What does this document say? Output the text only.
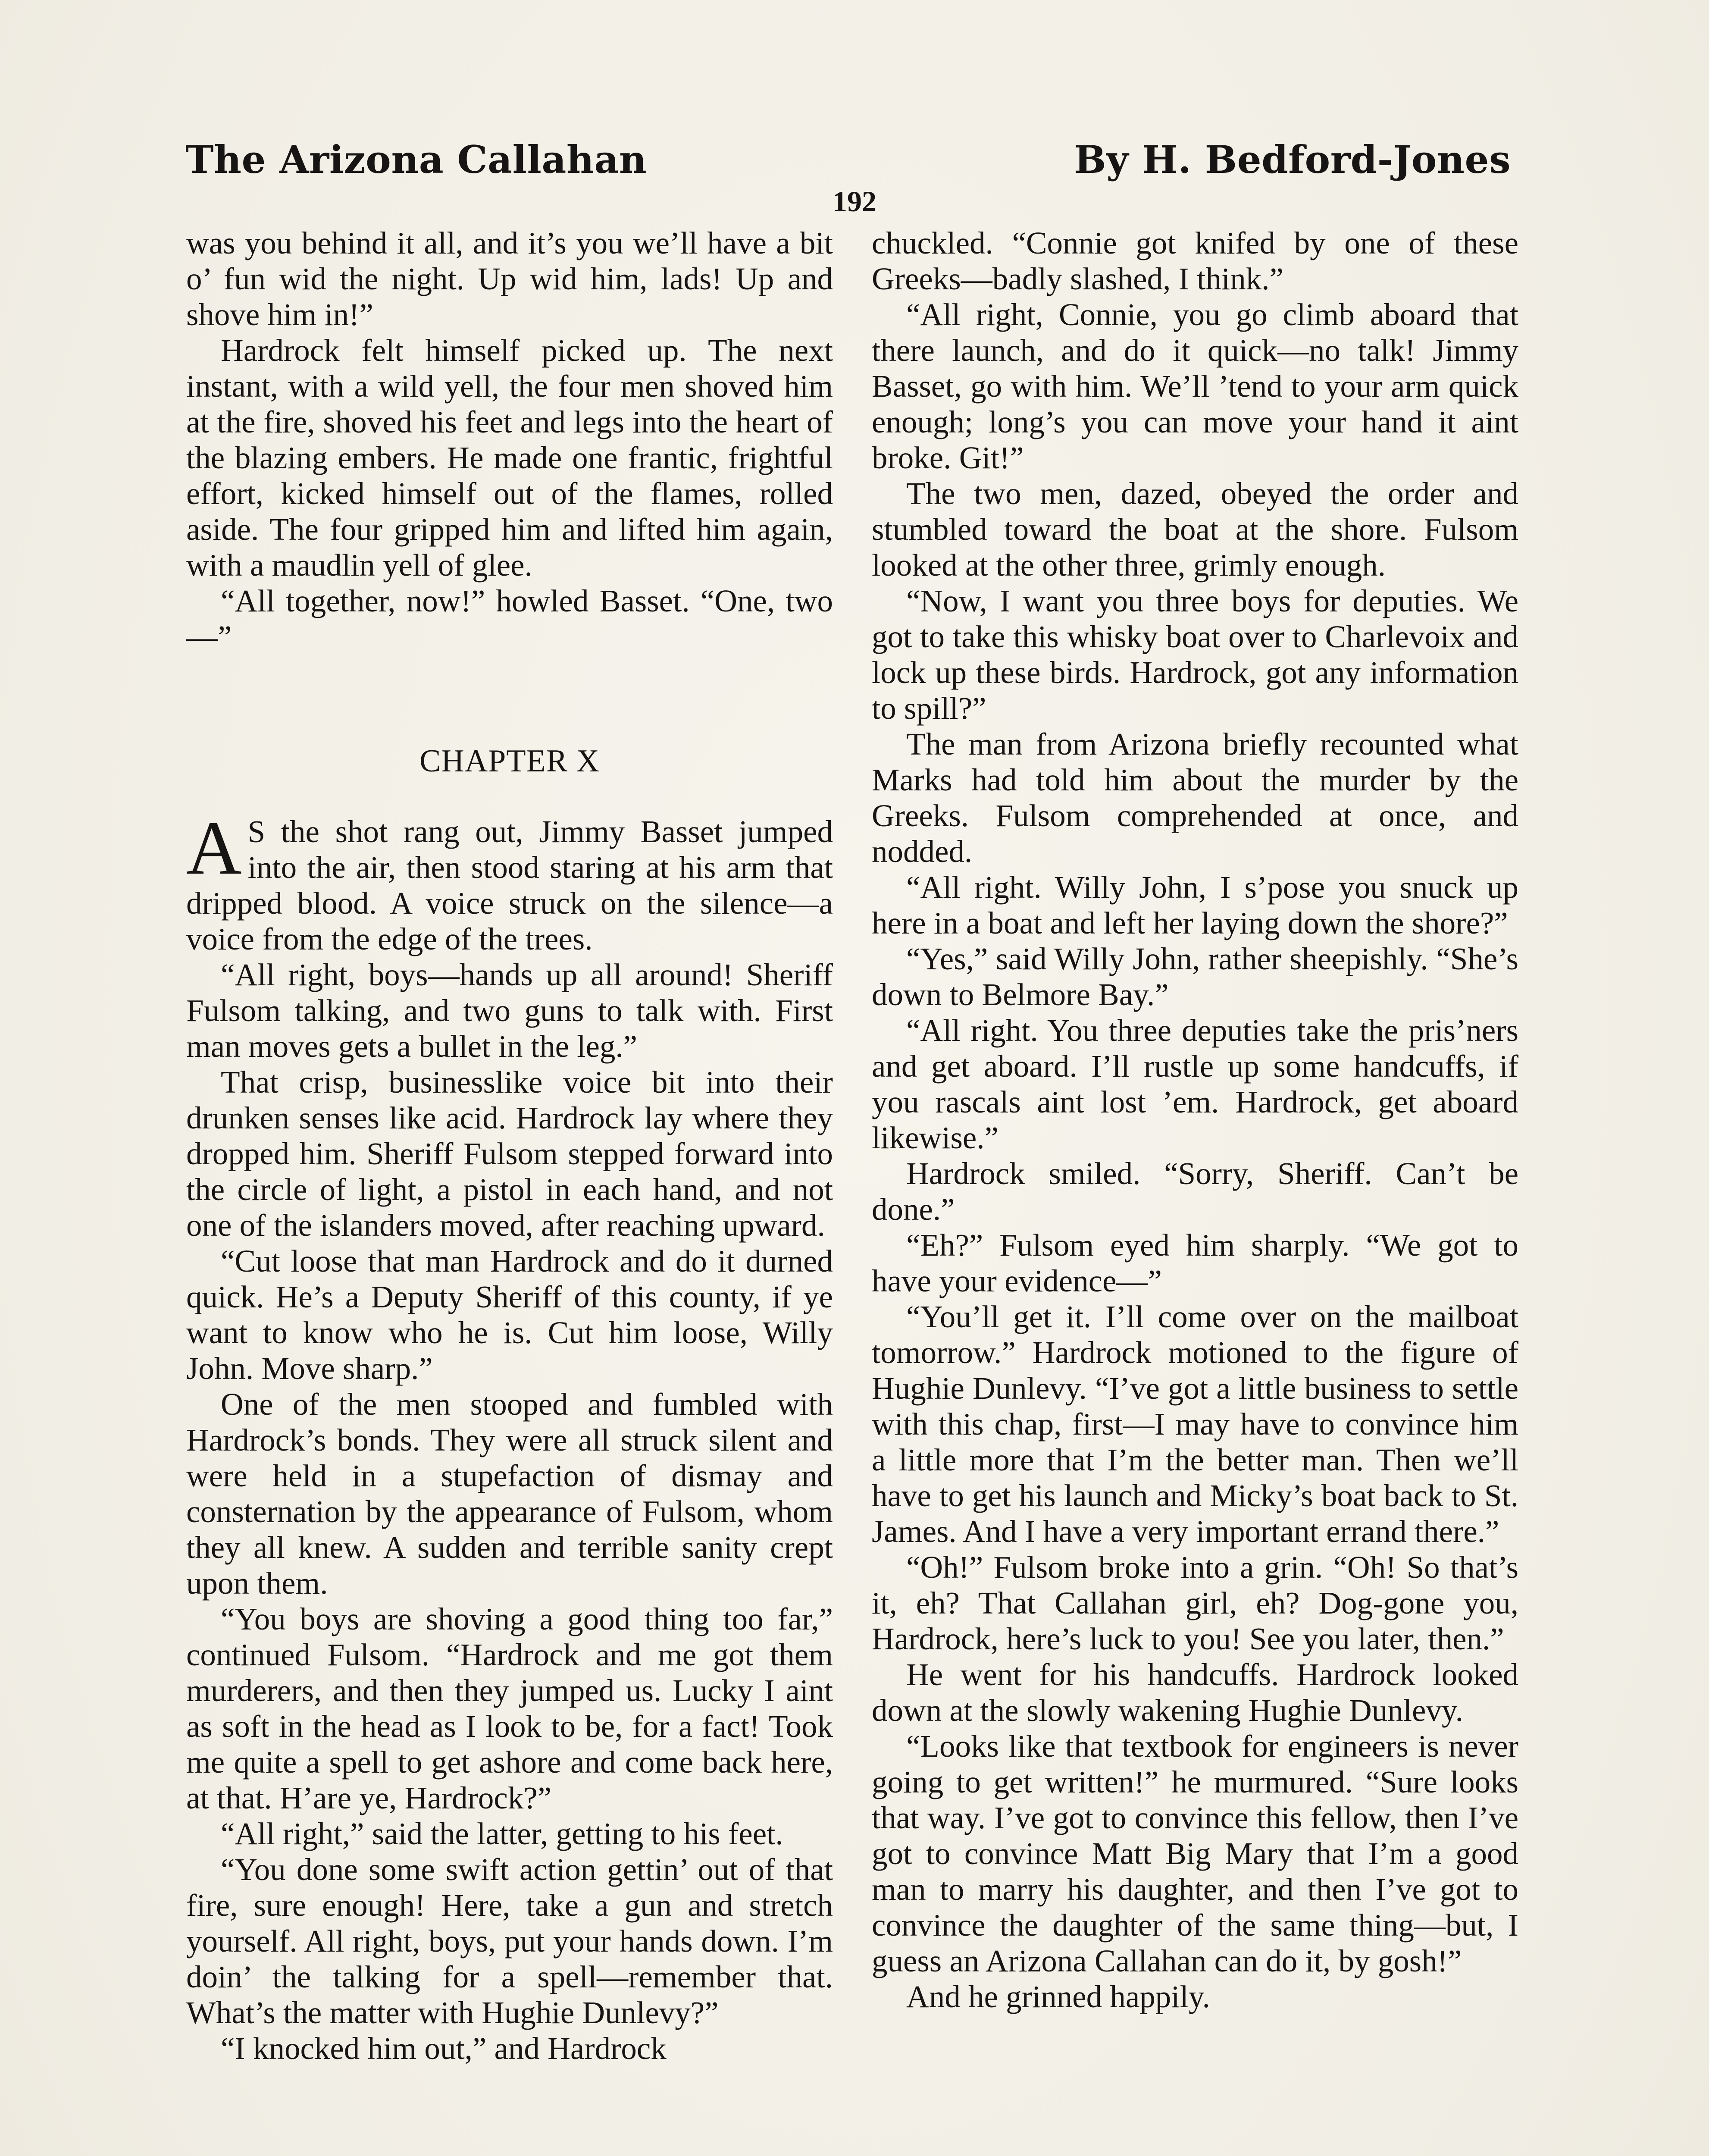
The Arizona Callahan	By H. Bedford-Jones
192

was you behind it all, and it’s you we’ll have a bit o’ fun wid the night. Up wid him, lads! Up and shove him in!”

Hardrock felt himself picked up. The next instant, with a wild yell, the four men shoved him at the fire, shoved his feet and legs into the heart of the blazing embers. He made one frantic, frightful effort, kicked himself out of the flames, rolled aside. The four gripped him and lifted him again, with a maudlin yell of glee.

“All together, now!” howled Basset. “One, two—”

CHAPTER X

A S the shot rang out, Jimmy Basset jumped into the air, then stood staring at his arm that dripped blood. A voice struck on the silence—a voice from the edge of the trees.

“All right, boys—hands up all around! Sheriff Fulsom talking, and two guns to talk with. First man moves gets a bullet in the leg.”

That crisp, businesslike voice bit into their drunken senses like acid. Hardrock lay where they dropped him. Sheriff Fulsom stepped forward into the circle of light, a pistol in each hand, and not one of the islanders moved, after reaching upward.

“Cut loose that man Hardrock and do it durned quick. He’s a Deputy Sheriff of this county, if ye want to know who he is. Cut him loose, Willy John. Move sharp.”

One of the men stooped and fumbled with Hardrock’s bonds. They were all struck silent and were held in a stupefaction of dismay and consternation by the appearance of Fulsom, whom they all knew. A sudden and terrible sanity crept upon them.

“You boys are shoving a good thing too far,” continued Fulsom. “Hardrock and me got them murderers, and then they jumped us. Lucky I aint as soft in the head as I look to be, for a fact! Took me quite a spell to get ashore and come back here, at that. H’are ye, Hardrock?”

“All right,” said the latter, getting to his feet.

“You done some swift action gettin’ out of that fire, sure enough! Here, take a gun and stretch yourself. All right, boys, put your hands down. I’m doin’ the talking for a spell—remember that. What’s the matter with Hughie Dunlevy?”

“I knocked him out,” and Hardrock

chuckled. “Connie got knifed by one of these Greeks—badly slashed, I think.”

“All right, Connie, you go climb aboard that there launch, and do it quick—no talk! Jimmy Basset, go with him. We’ll ’tend to your arm quick enough; long’s you can move your hand it aint broke. Git!”

The two men, dazed, obeyed the order and stumbled toward the boat at the shore. Fulsom looked at the other three, grimly enough.

“Now, I want you three boys for deputies. We got to take this whisky boat over to Charlevoix and lock up these birds. Hardrock, got any information to spill?”

The man from Arizona briefly recounted what Marks had told him about the murder by the Greeks. Fulsom comprehended at once, and nodded.

“All right. Willy John, I s’pose you snuck up here in a boat and left her laying down the shore?”

“Yes,” said Willy John, rather sheepishly. “She’s down to Belmore Bay.”

“All right. You three deputies take the pris’ners and get aboard. I’ll rustle up some handcuffs, if you rascals aint lost ’em. Hardrock, get aboard likewise.”

Hardrock smiled. “Sorry, Sheriff. Can’t be done.”

“Eh?” Fulsom eyed him sharply. “We got to have your evidence—”

“You’ll get it. I’ll come over on the mailboat tomorrow.” Hardrock motioned to the figure of Hughie Dunlevy. “I’ve got a little business to settle with this chap, first—I may have to convince him a little more that I’m the better man. Then we’ll have to get his launch and Micky’s boat back to St. James. And I have a very important errand there.”

“Oh!” Fulsom broke into a grin. “Oh! So that’s it, eh? That Callahan girl, eh? Dog-gone you, Hardrock, here’s luck to you! See you later, then.”

He went for his handcuffs. Hardrock looked down at the slowly wakening Hughie Dunlevy.

“Looks like that textbook for engineers is never going to get written!” he murmured. “Sure looks that way. I’ve got to convince this fellow, then I’ve got to convince Matt Big Mary that I’m a good man to marry his daughter, and then I’ve got to convince the daughter of the same thing—but, I guess an Arizona Callahan can do it, by gosh!”

And he grinned happily.
